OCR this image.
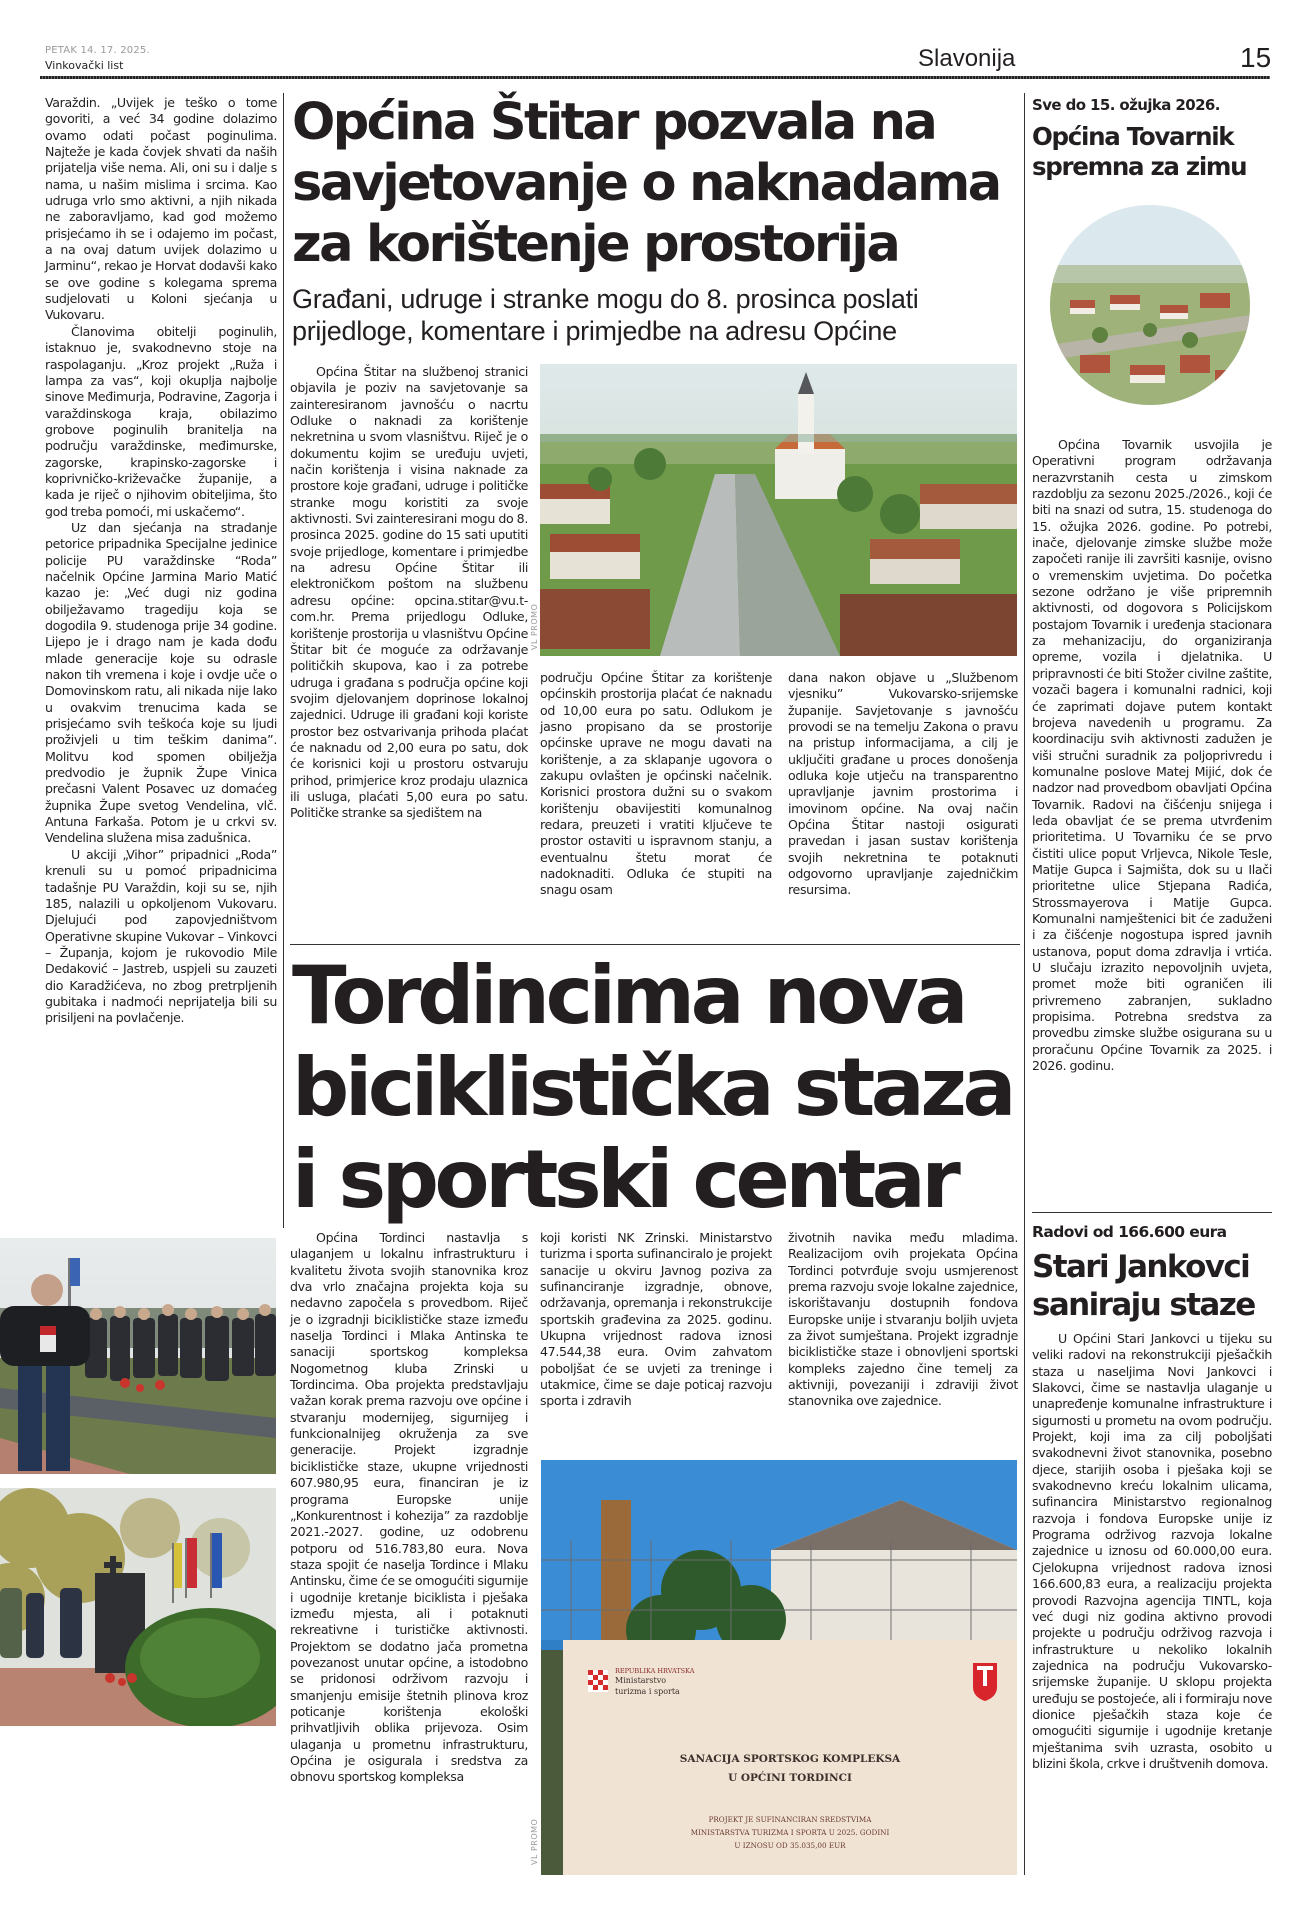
PETAK 14. 17. 2025.
Vinkovački list	Slavonija	15

Varaždin. „Uvijek je teško o tome govoriti, a već 34 godine dolazimo ovamo odati počast poginulima. Najteže je kada čovjek shvati da naših prijatelja više nema. Ali, oni su i dalje s nama, u našim mislima i srcima. Kao udruga vrlo smo aktivni, a njih nikada ne zaboravljamo, kad god možemo prisjećamo ih se i odajemo im počast, a na ovaj datum uvijek dolazimo u Jarminu“, rekao je Horvat dodavši kako se ove godine s kolegama sprema sudjelovati u Koloni sjećanja u Vukovaru.

Članovima obitelji poginulih, istaknuo je, svakodnevno stoje na raspolaganju. „Kroz projekt „Ruža i lampa za vas“, koji okuplja najbolje sinove Međimurja, Podravine, Zagorja i varaždinskoga kraja, obilazimo grobove poginulih branitelja na području varaždinske, međimurske, zagorske, krapinsko-zagorske i koprivničko-križevačke županije, a kada je riječ o njihovim obiteljima, što god treba pomoći, mi uskačemo“.

Uz dan sjećanja na stradanje petorice pripadnika Specijalne jedinice policije PU varaždinske “Roda” načelnik Općine Jarmina Mario Matić kazao je: „Već dugi niz godina obilježavamo tragediju koja se dogodila 9. studenoga prije 34 godine. Lijepo je i drago nam je kada dođu mlade generacije koje su odrasle nakon tih vremena i koje i ovdje uče o Domovinskom ratu, ali nikada nije lako u ovakvim trenucima kada se prisjećamo svih teškoća koje su ljudi proživjeli u tim teškim danima”. Molitvu kod spomen obilježja predvodio je župnik Župe Vinica prečasni Valent Posavec uz domaćeg župnika Župe svetog Vendelina, vlč. Antuna Farkaša. Potom je u crkvi sv. Vendelina služena misa zadušnica.

U akciji „Vihor” pripadnici „Roda” krenuli su u pomoć pripadnicima tadašnje PU Varaždin, koji su se, njih 185, nalazili u opkoljenom Vukovaru. Djelujući pod zapovjedništvom Operativne skupine Vukovar – Vinkovci – Županja, kojom je rukovodio Mile Dedaković – Jastreb, uspjeli su zauzeti dio Karadžićeva, no zbog pretrpljenih gubitaka i nadmoći neprijatelja bili su prisiljeni na povlačenje.

Općina Štitar pozvala na savjetovanje o naknadama za korištenje prostorija
Građani, udruge i stranke mogu do 8. prosinca poslati prijedloge, komentare i primjedbe na adresu Općine
Općina Štitar na službenoj stranici objavila je poziv na savjetovanje sa zainteresiranom javnošću o nacrtu Odluke o naknadi za korištenje nekretnina u svom vlasništvu. Riječ je o dokumentu kojim se uređuju uvjeti, način korištenja i visina naknade za prostore koje građani, udruge i političke stranke mogu koristiti za svoje aktivnosti. Svi zainteresirani mogu do 8. prosinca 2025. godine do 15 sati uputiti svoje prijedloge, komentare i primjedbe na adresu Općine Štitar ili elektroničkom poštom na službenu adresu općine: opcina.stitar@vu.t-com.hr. Prema prijedlogu Odluke, korištenje prostorija u vlasništvu Općine Štitar bit će moguće za održavanje političkih skupova, kao i za potrebe udruga i građana s područja općine koji svojim djelovanjem doprinose lokalnoj zajednici. Udruge ili građani koji koriste prostor bez ostvarivanja prihoda plaćat će naknadu od 2,00 eura po satu, dok će korisnici koji u prostoru ostvaruju prihod, primjerice kroz prodaju ulaznica ili usluga, plaćati 5,00 eura po satu. Političke stranke sa sjedištem na
VL PROMO
području Općine Štitar za korištenje općinskih prostorija plaćat će naknadu od 10,00 eura po satu. Odlukom je jasno propisano da se prostorije općinske uprave ne mogu davati na korištenje, a za sklapanje ugovora o zakupu ovlašten je općinski načelnik. Korisnici prostora dužni su o svakom korištenju obavijestiti komunalnog redara, preuzeti i vratiti ključeve te prostor ostaviti u ispravnom stanju, a eventualnu štetu morat će nadoknaditi. Odluka će stupiti na snagu osam
dana nakon objave u „Službenom vjesniku” Vukovarsko-srijemske županije. Savjetovanje s javnošću provodi se na temelju Zakona o pravu na pristup informacijama, a cilj je uključiti građane u proces donošenja odluka koje utječu na transparentno upravljanje javnim prostorima i imovinom općine. Na ovaj način Općina Štitar nastoji osigurati pravedan i jasan sustav korištenja svojih nekretnina te potaknuti odgovorno upravljanje zajedničkim resursima.
Tordincima nova biciklistička staza i sportski centar
Općina Tordinci nastavlja s ulaganjem u lokalnu infrastrukturu i kvalitetu života svojih stanovnika kroz dva vrlo značajna projekta koja su nedavno započela s provedbom. Riječ je o izgradnji biciklističke staze između naselja Tordinci i Mlaka Antinska te sanaciji sportskog kompleksa Nogometnog kluba Zrinski u Tordincima. Oba projekta predstavljaju važan korak prema razvoju ove općine i stvaranju modernijeg, sigurnijeg i funkcionalnijeg okruženja za sve generacije. Projekt izgradnje biciklističke staze, ukupne vrijednosti 607.980,95 eura, financiran je iz programa Europske unije „Konkurentnost i kohezija” za razdoblje 2021.-2027. godine, uz odobrenu potporu od 516.783,80 eura. Nova staza spojit će naselja Tordince i Mlaku Antinsku, čime će se omogućiti sigurnije i ugodnije kretanje biciklista i pješaka između mjesta, ali i potaknuti rekreativne i turističke aktivnosti. Projektom se dodatno jača prometna povezanost unutar općine, a istodobno se pridonosi održivom razvoju i smanjenju emisije štetnih plinova kroz poticanje korištenja ekološki prihvatljivih oblika prijevoza. Osim ulaganja u prometnu infrastrukturu, Općina je osigurala i sredstva za obnovu sportskog kompleksa
koji koristi NK Zrinski. Ministarstvo turizma i sporta sufinanciralo je projekt sanacije u okviru Javnog poziva za sufinanciranje izgradnje, obnove, održavanja, opremanja i rekonstrukcije sportskih građevina za 2025. godinu. Ukupna vrijednost radova iznosi 47.544,38 eura. Ovim zahvatom poboljšat će se uvjeti za treninge i utakmice, čime se daje poticaj razvoju sporta i zdravih
životnih navika među mladima. Realizacijom ovih projekata Općina Tordinci potvrđuje svoju usmjerenost prema razvoju svoje lokalne zajednice, iskorištavanju dostupnih fondova Europske unije i stvaranju boljih uvjeta za život sumještana. Projekt izgradnje biciklističke staze i obnovljeni sportski kompleks zajedno čine temelj za aktivniji, povezaniji i zdraviji život stanovnika ove zajednice.
REPUBLIKA HRVATSKA
Ministarstvo
turizma i sporta
SANACIJA SPORTSKOG KOMPLEKSA
U OPĆINI TORDINCI
PROJEKT JE SUFINANCIRAN SREDSTVIMA
MINISTARSTVA TURIZMA I SPORTA U 2025. GODINI
U IZNOSU OD 35.035,00 EUR
VL PROMO
Sve do 15. ožujka 2026.
Općina Tovarnik spremna za zimu
Općina Tovarnik usvojila je Operativni program održavanja nerazvrstanih cesta u zimskom razdoblju za sezonu 2025./2026., koji će biti na snazi od sutra, 15. studenoga do 15. ožujka 2026. godine. Po potrebi, inače, djelovanje zimske službe može započeti ranije ili završiti kasnije, ovisno o vremenskim uvjetima. Do početka sezone održano je više pripremnih aktivnosti, od dogovora s Policijskom postajom Tovarnik i uređenja stacionara za mehanizaciju, do organiziranja opreme, vozila i djelatnika. U pripravnosti će biti Stožer civilne zaštite, vozači bagera i komunalni radnici, koji će zaprimati dojave putem kontakt brojeva navedenih u programu. Za koordinaciju svih aktivnosti zadužen je viši stručni suradnik za poljoprivredu i komunalne poslove Matej Mijić, dok će nadzor nad provedbom obavljati Općina Tovarnik. Radovi na čišćenju snijega i leda obavljat će se prema utvrđenim prioritetima. U Tovarniku će se prvo čistiti ulice poput Vrljevca, Nikole Tesle, Matije Gupca i Sajmišta, dok su u Ilači prioritetne ulice Stjepana Radića, Strossmayerova i Matije Gupca. Komunalni namještenici bit će zaduženi i za čišćenje nogostupa ispred javnih ustanova, poput doma zdravlja i vrtića. U slučaju izrazito nepovoljnih uvjeta, promet može biti ograničen ili privremeno zabranjen, sukladno propisima. Potrebna sredstva za provedbu zimske službe osigurana su u proračunu Općine Tovarnik za 2025. i 2026. godinu.
Radovi od 166.600 eura
Stari Jankovci saniraju staze
U Općini Stari Jankovci u tijeku su veliki radovi na rekonstrukciji pješačkih staza u naseljima Novi Jankovci i Slakovci, čime se nastavlja ulaganje u unapređenje komunalne infrastrukture i sigurnosti u prometu na ovom području. Projekt, koji ima za cilj poboljšati svakodnevni život stanovnika, posebno djece, starijih osoba i pješaka koji se svakodnevno kreću lokalnim ulicama, sufinancira Ministarstvo regionalnog razvoja i fondova Europske unije iz Programa održivog razvoja lokalne zajednice u iznosu od 60.000,00 eura. Cjelokupna vrijednost radova iznosi 166.600,83 eura, a realizaciju projekta provodi Razvojna agencija TINTL, koja već dugi niz godina aktivno provodi projekte u području održivog razvoja i infrastrukture u nekoliko lokalnih zajednica na području Vukovarsko-srijemske županije. U sklopu projekta uređuju se postojeće, ali i formiraju nove dionice pješačkih staza koje će omogućiti sigurnije i ugodnije kretanje mještanima svih uzrasta, osobito u blizini škola, crkve i društvenih domova.
